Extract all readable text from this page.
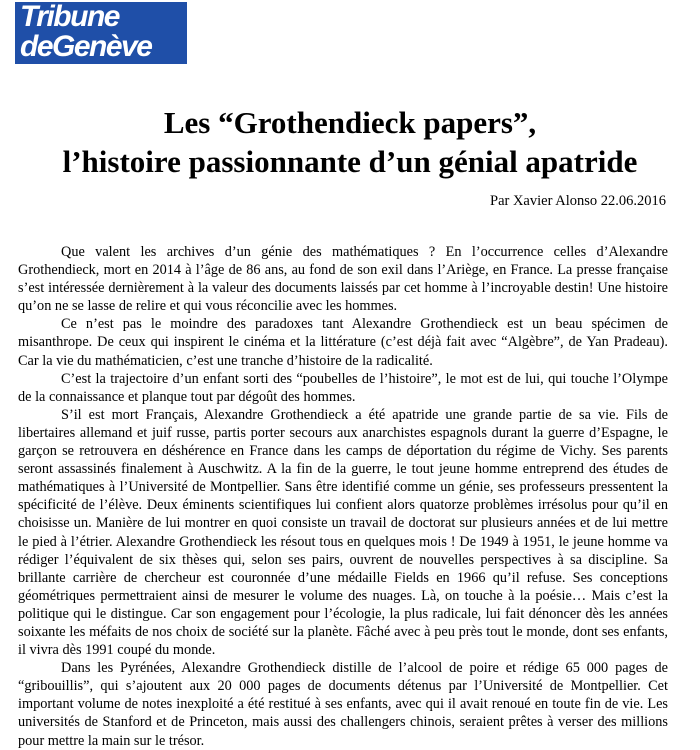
Tribune
deGenève
Les “Grothendieck papers”,
l’histoire passionnante d’un génial apatride
Par Xavier Alonso 22.06.2016

Que valent les archives d’un génie des mathématiques ? En l’occurrence celles d’Alexandre Grothendieck, mort en 2014 à l’âge de 86 ans, au fond de son exil dans l’Ariège, en France. La presse française s’est intéressée dernièrement à la valeur des documents laissés par cet homme à l’incroyable destin! Une histoire qu’on ne se lasse de relire et qui vous réconcilie avec les hommes.

Ce n’est pas le moindre des paradoxes tant Alexandre Grothendieck est un beau spécimen de misanthrope. De ceux qui inspirent le cinéma et la littérature (c’est déjà fait avec “Algèbre”, de Yan Pradeau). Car la vie du mathématicien, c’est une tranche d’histoire de la radicalité.

C’est la trajectoire d’un enfant sorti des “poubelles de l’histoire”, le mot est de lui, qui touche l’Olympe de la connaissance et planque tout par dégoût des hommes.

S’il est mort Français, Alexandre Grothendieck a été apatride une grande partie de sa vie. Fils de libertaires allemand et juif russe, partis porter secours aux anarchistes espagnols durant la guerre d’Espagne, le garçon se retrouvera en déshérence en France dans les camps de déportation du régime de Vichy. Ses parents seront assassinés finalement à Auschwitz. A la fin de la guerre, le tout jeune homme entreprend des études de mathématiques à l’Université de Montpellier. Sans être identifié comme un génie, ses professeurs pressentent la spécificité de l’élève. Deux éminents scientifiques lui confient alors quatorze problèmes irrésolus pour qu’il en choisisse un. Manière de lui montrer en quoi consiste un travail de doctorat sur plusieurs années et de lui mettre le pied à l’étrier. Alexandre Grothendieck les résout tous en quelques mois ! De 1949 à 1951, le jeune homme va rédiger l’équivalent de six thèses qui, selon ses pairs, ouvrent de nouvelles perspectives à sa discipline. Sa brillante carrière de chercheur est couronnée d’une médaille Fields en 1966 qu’il refuse. Ses conceptions géométriques permettraient ainsi de mesurer le volume des nuages. Là, on touche à la poésie… Mais c’est la politique qui le distingue. Car son engagement pour l’écologie, la plus radicale, lui fait dénoncer dès les années soixante les méfaits de nos choix de société sur la planète. Fâché avec à peu près tout le monde, dont ses enfants, il vivra dès 1991 coupé du monde.

Dans les Pyrénées, Alexandre Grothendieck distille de l’alcool de poire et rédige 65 000 pages de “gribouillis”, qui s’ajoutent aux 20 000 pages de documents détenus par l’Université de Montpellier. Cet important volume de notes inexploité a été restitué à ses enfants, avec qui il avait renoué en toute fin de vie. Les universités de Stanford et de Princeton, mais aussi des challengers chinois, seraient prêtes à verser des millions pour mettre la main sur le trésor.
